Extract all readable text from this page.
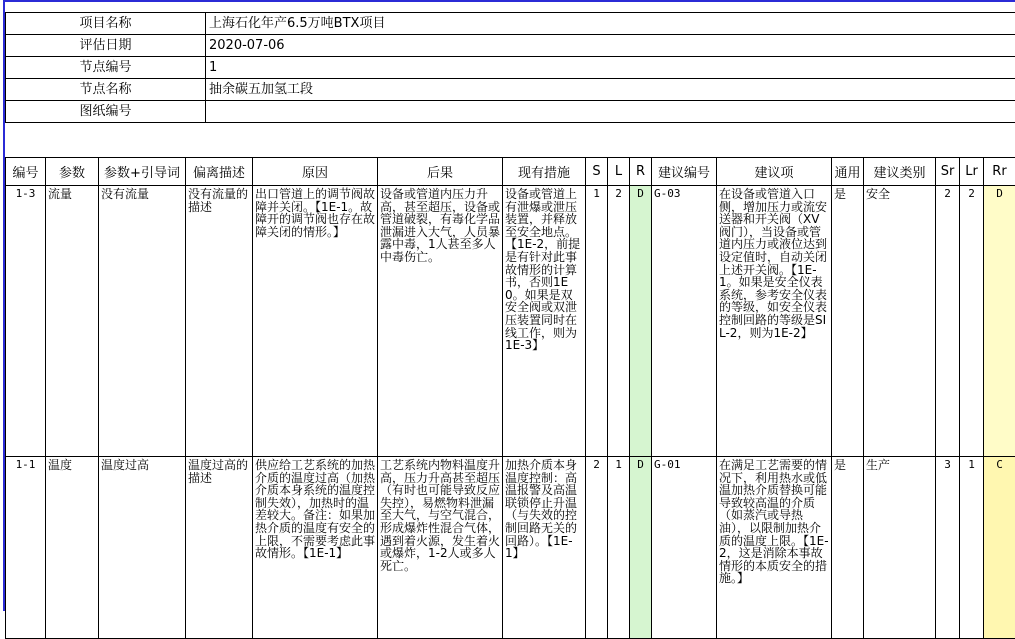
项目名称	上海石化年产6.5万吨BTX项目
评估日期	2020-07-06
节点编号	1
节点名称	抽余碳五加氢工段
图纸编号	
编号	参数	参数+引导词	偏离描述	原因	后果	现有措施	S	L	R	建议编号	建议项	通用	建议类别	Sr	Lr	Rr
1-3	流量	没有流量	没有流量的描述	出口管道上的调节阀故障并关闭。【1E-1。故障开的调节阀也存在故障关闭的情形。】	设备或管道内压力升高，甚至超压，设备或管道破裂，有毒化学品泄漏进入大气，人员暴露中毒，1人甚至多人中毒伤亡。	设备或管道上有泄爆或泄压装置，并释放至安全地点。【1E-2，前提是有针对此事故情形的计算书，否则1E0。如果是双安全阀或双泄压装置同时在线工作，则为1E-3】	1	2	D	G-03	在设备或管道入口侧，增加压力或流安送器和开关阀（XV阀门），当设备或管道内压力或液位达到设定值时，自动关闭上述开关阀。【1E-1。如果是安全仪表系统，参考安全仪表的等级，如安全仪表控制回路的等级是SIL-2，则为1E-2】	是	安全	2	2	D
1-1	温度	温度过高	温度过高的描述	供应给工艺系统的加热介质的温度过高（加热介质本身系统的温度控制失效），加热时的温差较大。备注：如果加热介质的温度有安全的上限，不需要考虑此事故情形。【1E-1】	工艺系统内物料温度升高，压力升高甚至超压（有时也可能导致反应失控），易燃物料泄漏至大气，与空气混合，形成爆炸性混合气体，遇到着火源，发生着火或爆炸，1-2人或多人死亡。	加热介质本身温度控制：高温报警及高温联锁停止升温（与失效的控制回路无关的回路）。【1E-1】	2	1	D	G-01	在满足工艺需要的情况下，利用热水或低温加热介质替换可能导致较高温的介质（如蒸汽或导热油），以限制加热介质的温度上限。【1E-2，这是消除本事故情形的本质安全的措施。】	是	生产	3	1	C
